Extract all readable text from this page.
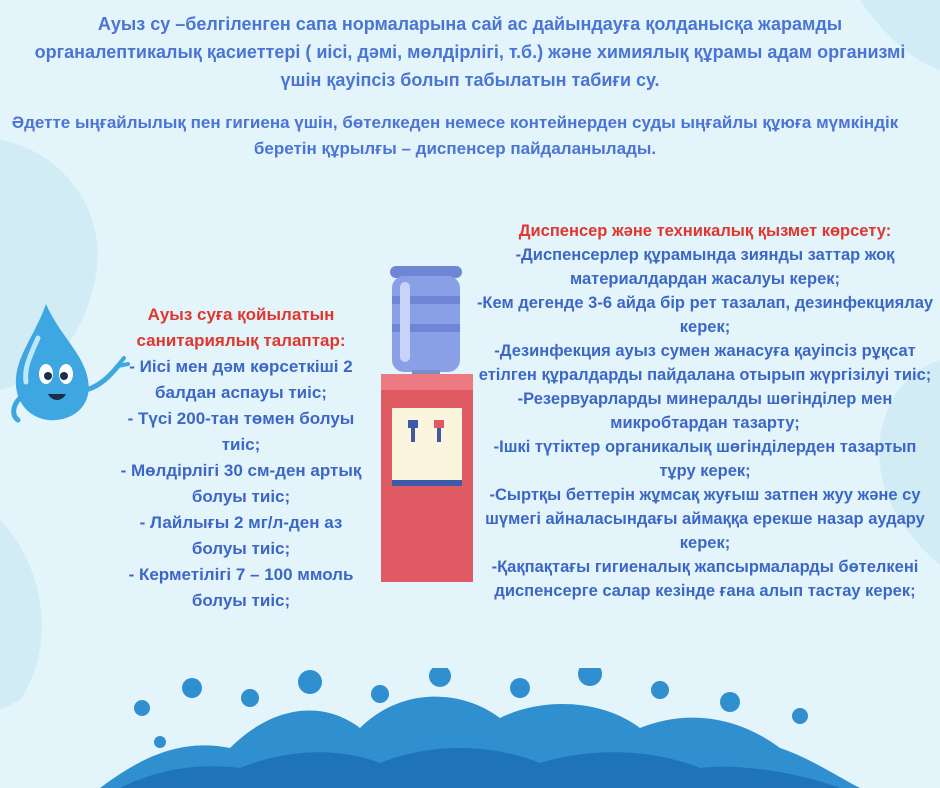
Ауыз су –белгіленген сапа нормаларына сай ас дайындауға қолданысқа жарамды органалептикалық қасиеттері ( иісі, дәмі, мөлдірлігі, т.б.) және химиялық құрамы адам организмі үшін қауіпсіз болып табылатын табиғи су.

Әдетте ыңғайлылық пен гигиена үшін, бөтелкеден немесе контейнерден суды ыңғайлы құюға мүмкіндік беретін құрылғы – диспенсер пайдаланылады.

Ауыз суға қойылатын санитариялық талаптар:
- Иісі мен дәм көрсеткіші 2 балдан аспауы тиіс;
- Түсі 200-тан төмен болуы тиіс;
- Мөлдірлігі 30 см-ден артық болуы тиіс;
- Лайлығы 2 мг/л-ден аз болуы тиіс;
- Керметілігі 7 – 100 ммоль болуы тиіс;
Диспенсер және техникалық қызмет көрсету:
-Диспенсерлер құрамында зиянды заттар жоқ материалдардан жасалуы керек;
-Кем дегенде 3-6 айда бір рет тазалап, дезинфекциялау керек;
-Дезинфекция ауыз сумен жанасуға қауіпсіз рұқсат етілген құралдарды пайдалана отырып жүргізілуі тиіс;
-Резервуарларды минералды шөгінділер мен микробтардан тазарту;
-Ішкі түтіктер органикалық шөгінділерден тазартып тұру керек;
-Сыртқы беттерін жұмсақ жуғыш затпен жуу және су шүмегі айналасындағы аймаққа ерекше назар аудару керек;
-Қақпақтағы гигиеналық жапсырмаларды бөтелкені диспенсерге салар кезінде ғана алып тастау керек;
